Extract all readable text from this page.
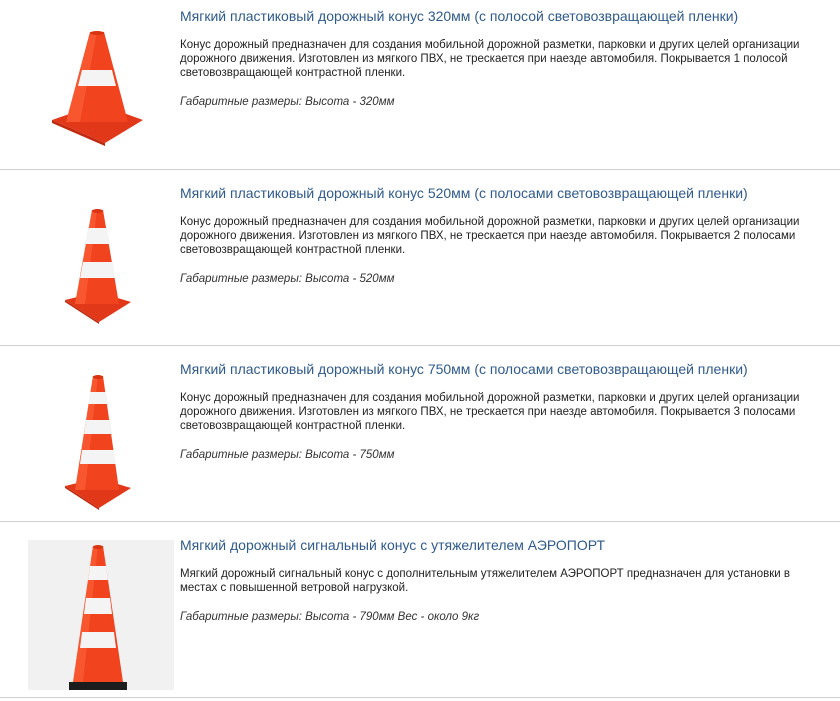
Мягкий пластиковый дорожный конус 320мм (с полосой световозвращающей пленки)

Конус дорожный предназначен для создания мобильной дорожной разметки, парковки и других целей организации дорожного движения. Изготовлен из мягкого ПВХ, не трескается при наезде автомобиля. Покрывается 1 полосой световозвращающей контрастной пленки.

Габаритные размеры: Высота - 320мм

Мягкий пластиковый дорожный конус 520мм (с полосами световозвращающей пленки)

Конус дорожный предназначен для создания мобильной дорожной разметки, парковки и других целей организации дорожного движения. Изготовлен из мягкого ПВХ, не трескается при наезде автомобиля. Покрывается 2 полосами световозвращающей контрастной пленки.

Габаритные размеры: Высота - 520мм

Мягкий пластиковый дорожный конус 750мм (с полосами световозвращающей пленки)

Конус дорожный предназначен для создания мобильной дорожной разметки, парковки и других целей организации дорожного движения. Изготовлен из мягкого ПВХ, не трескается при наезде автомобиля. Покрывается 3 полосами световозвращающей контрастной пленки.

Габаритные размеры: Высота - 750мм

Мягкий дорожный сигнальный конус с утяжелителем АЭРОПОРТ

Мягкий дорожный сигнальный конус с дополнительным утяжелителем АЭРОПОРТ предназначен для установки в местах с повышенной ветровой нагрузкой.

Габаритные размеры: Высота - 790мм Вес - около 9кг
